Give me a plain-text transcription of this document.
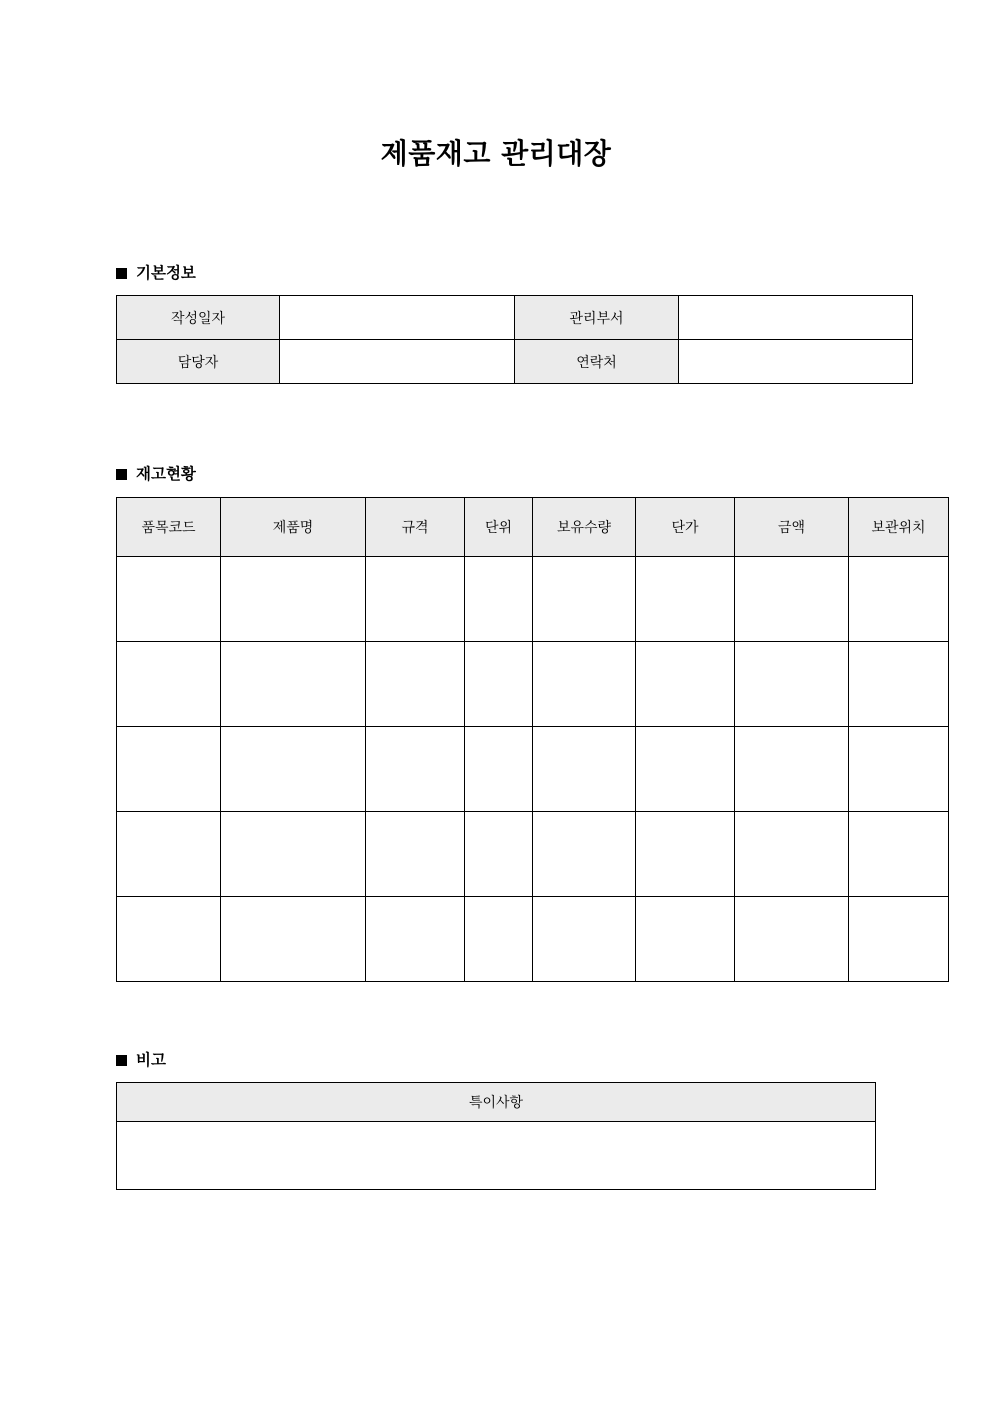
제품재고 관리대장
기본정보
작성일자		관리부서	
담당자		연락처	
재고현황
품목코드	제품명	규격	단위	보유수량	단가	금액	보관위치

비고
특이사항
